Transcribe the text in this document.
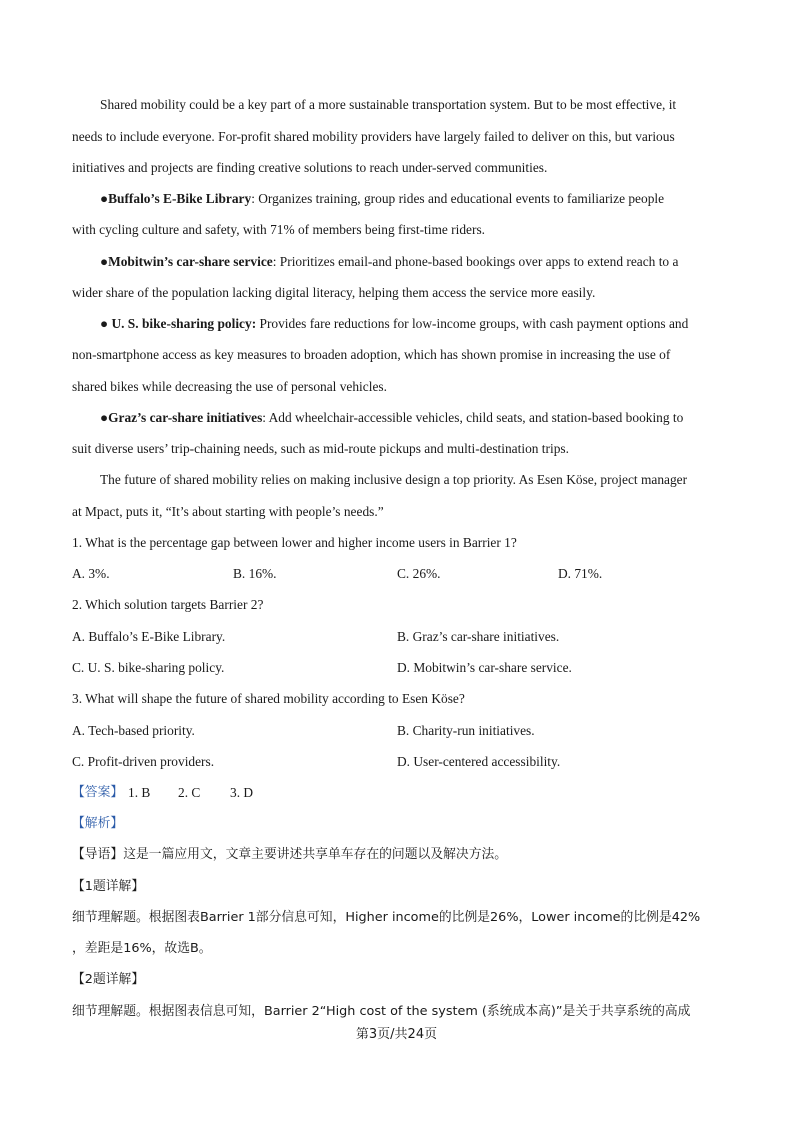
Shared mobility could be a key part of a more sustainable transportation system. But to be most effective, it
needs to include everyone. For-profit shared mobility providers have largely failed to deliver on this, but various
initiatives and projects are finding creative solutions to reach under-served communities.
●Buffalo’s E-Bike Library: Organizes training, group rides and educational events to familiarize people
with cycling culture and safety, with 71% of members being first-time riders.
●Mobitwin’s car-share service: Prioritizes email-and phone-based bookings over apps to extend reach to a
wider share of the population lacking digital literacy, helping them access the service more easily.
● U. S. bike-sharing policy: Provides fare reductions for low-income groups, with cash payment options and
non-smartphone access as key measures to broaden adoption, which has shown promise in increasing the use of
shared bikes while decreasing the use of personal vehicles.
●Graz’s car-share initiatives: Add wheelchair-accessible vehicles, child seats, and station-based booking to
suit diverse users’ trip-chaining needs, such as mid-route pickups and multi-destination trips.
The future of shared mobility relies on making inclusive design a top priority. As Esen Köse, project manager
at Mpact, puts it, “It’s about starting with people’s needs.”
1. What is the percentage gap between lower and higher income users in Barrier 1?
A. 3%.	B. 16%.	C. 26%.	D. 71%.
2. Which solution targets Barrier 2?
A. Buffalo’s E-Bike Library.	B. Graz’s car-share initiatives.
C. U. S. bike-sharing policy.	D. Mobitwin’s car-share service.
3. What will shape the future of shared mobility according to Esen Köse?
A. Tech-based priority.	B. Charity-run initiatives.
C. Profit-driven providers.	D. User-centered accessibility.
【答案】 1. B 2. C 3. D
【解析】
【导语】这是一篇应用文，文章主要讲述共享单车存在的问题以及解决方法。
【1题详解】
细节理解题。根据图表Barrier 1部分信息可知，Higher income的比例是26%，Lower income的比例是42%
，差距是16%，故选B。
【2题详解】
细节理解题。根据图表信息可知，Barrier 2“High cost of the system (系统成本高)”是关于共享系统的高成
第3页/共24页
